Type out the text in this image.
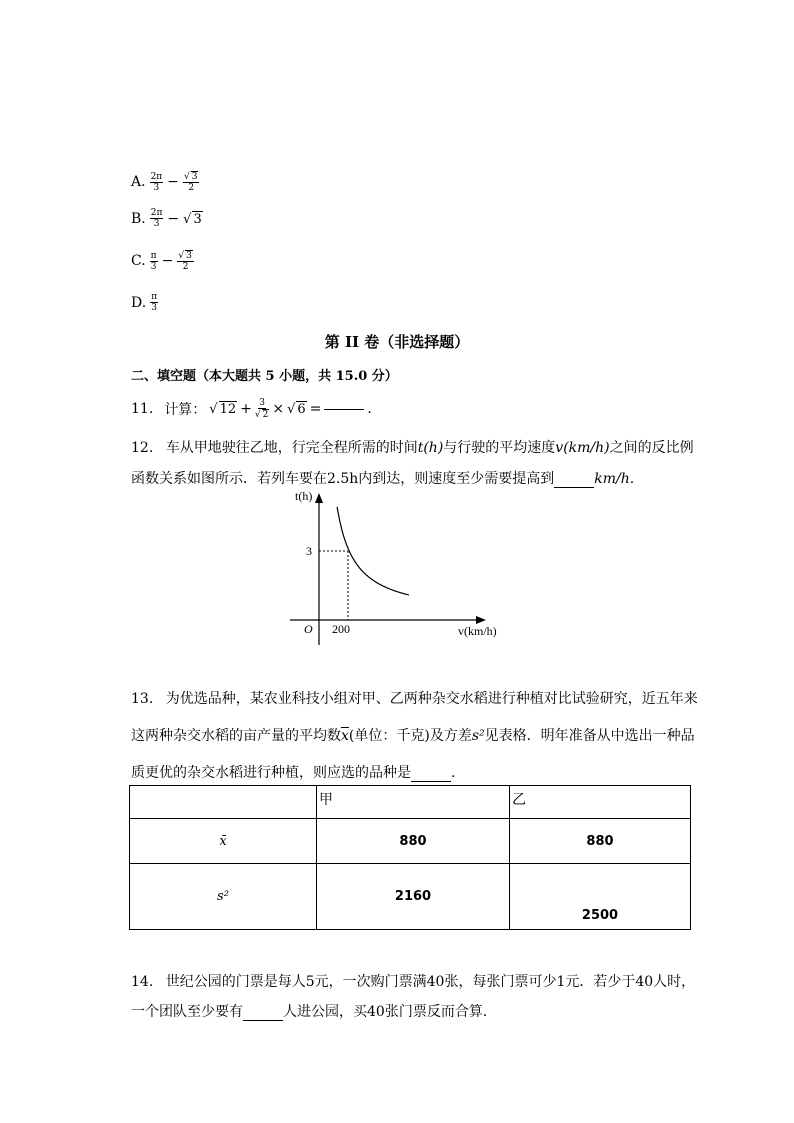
A. $\frac{2\pi}{3} - \frac{√ 3}{2}$
B. $\frac{2\pi}{3}$ − √ 3
C. $\frac{\pi}{3} - \frac{√ 3}{2}$
D. $\frac{\pi}{3}$
第 II 卷（非选择题）
二、填空题（本大题共 5 小题，共 15.0 分）
11. 计算： √ $12 + \frac{3}{√ 2}$ × √ 6 =	.
12. 车从甲地驶往乙地，行完全程所需的时间t(h)与行驶的平均速度v(km/h)之间的反比例
函数关系如图所示．若列车要在2.5h内到达，则速度至少需要提高到	km/h.
t(h)
3
O 200	v(km/h)
13. 为优选品种，某农业科技小组对甲、乙两种杂交水稻进行种植对比试验研究，近五年来
这两种杂交水稻的亩产量的平均数$\overline{x}$(单位：千克)及方差s²见表格．明年准备从中选出一种品
质更优的杂交水稻进行种植，则应选的品种是	.
	甲	乙
x̄	880	880
s²	2160	2500
14. 世纪公园的门票是每人5元，一次购门票满40张，每张门票可少1元．若少于40人时，
一个团队至少要有	人进公园，买40张门票反而合算．
